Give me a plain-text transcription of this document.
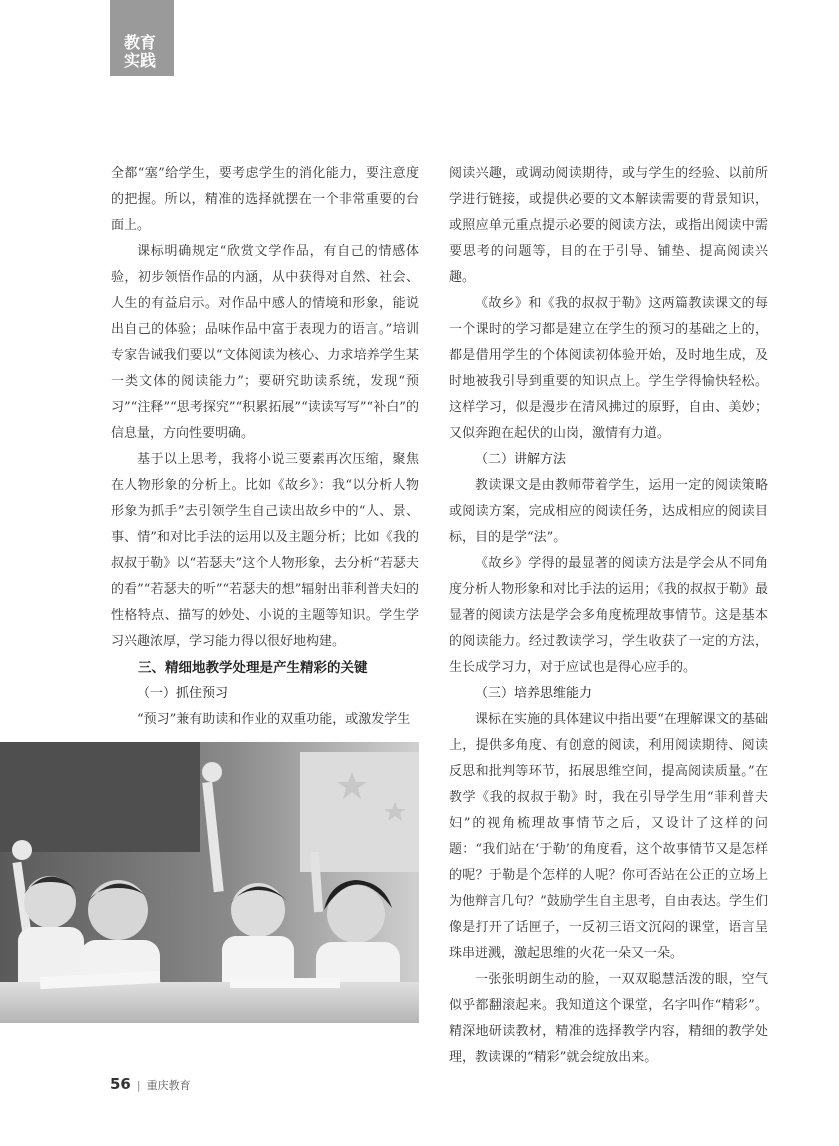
教育
实践

全都“塞”给学生，要考虑学生的消化能力，要注意度的把握。所以，精准的选择就摆在一个非常重要的台面上。

课标明确规定“欣赏文学作品，有自己的情感体验，初步领悟作品的内涵，从中获得对自然、社会、人生的有益启示。对作品中感人的情境和形象，能说出自己的体验；品味作品中富于表现力的语言。”培训专家告诫我们要以“文体阅读为核心、力求培养学生某一类文体的阅读能力”；要研究助读系统，发现“预习”“注释”“思考探究”“积累拓展”“读读写写”“补白”的信息量，方向性要明确。

基于以上思考，我将小说三要素再次压缩，聚焦在人物形象的分析上。比如《故乡》：我“以分析人物形象为抓手”去引领学生自己读出故乡中的“人、景、事、情”和对比手法的运用以及主题分析；比如《我的叔叔于勒》以“若瑟夫”这个人物形象，去分析“若瑟夫的看”“若瑟夫的听”“若瑟夫的想”辐射出菲利普夫妇的性格特点、描写的妙处、小说的主题等知识。学生学习兴趣浓厚，学习能力得以很好地构建。

三、精细地教学处理是产生精彩的关键

（一）抓住预习

“预习”兼有助读和作业的双重功能，或激发学生

阅读兴趣，或调动阅读期待，或与学生的经验、以前所学进行链接，或提供必要的文本解读需要的背景知识，或照应单元重点提示必要的阅读方法，或指出阅读中需要思考的问题等，目的在于引导、铺垫、提高阅读兴趣。

《故乡》和《我的叔叔于勒》这两篇教读课文的每一个课时的学习都是建立在学生的预习的基础之上的，都是借用学生的个体阅读初体验开始，及时地生成，及时地被我引导到重要的知识点上。学生学得愉快轻松。这样学习，似是漫步在清风拂过的原野，自由、美妙；又似奔跑在起伏的山岗，激情有力道。

（二）讲解方法

教读课文是由教师带着学生，运用一定的阅读策略或阅读方案，完成相应的阅读任务，达成相应的阅读目标，目的是学“法”。

《故乡》学得的最显著的阅读方法是学会从不同角度分析人物形象和对比手法的运用；《我的叔叔于勒》最显著的阅读方法是学会多角度梳理故事情节。这是基本的阅读能力。经过教读学习，学生收获了一定的方法，生长成学习力，对于应试也是得心应手的。

（三）培养思维能力

课标在实施的具体建议中指出要“在理解课文的基础上，提供多角度、有创意的阅读，利用阅读期待、阅读反思和批判等环节，拓展思维空间，提高阅读质量。”在教学《我的叔叔于勒》时，我在引导学生用“菲利普夫妇”的视角梳理故事情节之后，又设计了这样的问题：“我们站在‘于勒’的角度看，这个故事情节又是怎样的呢？于勒是个怎样的人呢？你可否站在公正的立场上为他辩言几句？”鼓励学生自主思考，自由表达。学生们像是打开了话匣子，一反初三语文沉闷的课堂，语言呈珠串迸溅，激起思维的火花一朵又一朵。

一张张明朗生动的脸，一双双聪慧活泼的眼，空气似乎都翻滚起来。我知道这个课堂，名字叫作“精彩”。精深地研读教材，精准的选择教学内容，精细的教学处理，教读课的“精彩”就会绽放出来。

56 | 重庆教育
